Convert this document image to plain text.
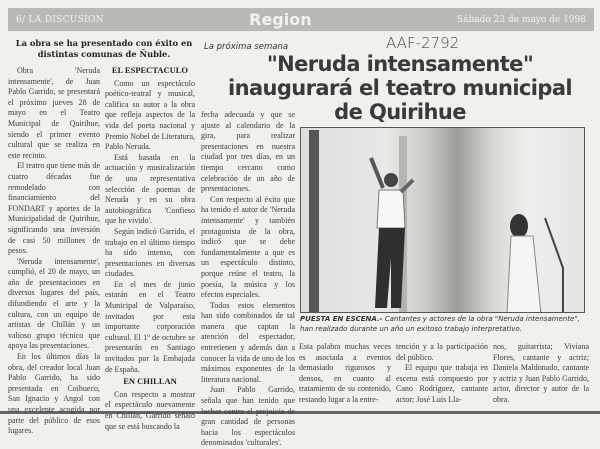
6/ LA DISCUSION	Region	Sábado 23 de mayo de 1998
La obra se ha presentado con éxito en distintas comunas de Ñuble.

Obra 'Neruda intensamente', de Juan Pablo Garrido, se presentará el próximo jueves 28 de mayo en el Teatro Municipal de Quirihue, siendo el primer evento cultural que se realiza en este recinto.

El teatro que tiene más de cuatro décadas fue remodelado con financiamiento del FONDART y aportes de la Municipalidad de Quirihue, significando una inversión de casi 50 millones de pesos.

'Neruda intensamente', cumplió, el 20 de mayo, un año de presentaciones en diversos lugares del país, difundiendo el arte y la cultura, con un equipo de artistas de Chillán y un valioso grupo técnico que apoya las presentaciones.

En los últimos días la obra, del creador local Juan Pablo Garrido, ha sido presentada en Coihueco, San Ignacio y Angol con una excelente acogida por parte del público de esos lugares.

EL ESPECTACULO

Como un espectáculo poético-teatral y musical, califica su autor a la obra que refleja aspectos de la vida del poeta nacional y Premio Nobel de Literatura, Pablo Neruda.

Está basada en la actuación y musicalización de una representativa selección de poemas de Neruda y en su obra autobiográfica 'Confieso que he vivido'.

Según indicó Garrido, el trabajo en el último tiempo ha sido intenso, con presentaciones en diversas ciudades.

En el mes de junio estarán en el Teatro Municipal de Valparaíso, invitados por esta importante corporación cultural. El 1º de octubre se presentarán en Santiago invitados por la Embajada de España.

EN CHILLAN

Con respecto a mostrar el espectáculo nuevamente en Chillán, Garrido señaló que se está buscando la

La próxima semana	AAF-2792
"Neruda intensamente" inaugurará el teatro municipal de Quirihue

fecha adecuada y que se ajuste al calendario de la gira, para realizar presentaciones en nuestra ciudad por tres días, en un tiempo cercano como celebración de un año de presentaciones.

Con respecto al éxito que ha tenido el autor de 'Neruda intensamente' y también protagonista de la obra, indicó que se debe fundamentalmente a que es un espectáculo distinto, porque reúne el teatro, la poesía, la música y los efectos especiales.

Todos estos elementos han sido combinados de tal manera que captan la atención del espectador, entretienen y además dan a conocer la vida de uno de los máximos exponentes de la literatura nacional.

Juan Pablo Garrido, señala que han tenido que luchar contra el prejuicio de gran cantidad de personas hacia los espectáculos denominados 'culturales'.

PUESTA EN ESCENA.- Cantantes y actores de la obra "Neruda intensamente", han realizado durante un año un exitoso trabajo interpretativo.

Esta palabra muchas veces es asociada a eventos demasiado rigurosos y densos, en cuanto al tratamiento de su contenido, restando lugar a la entre-

tención y a la participación del público.

El equipo que trabaja en escena está compuesto por Cano Rodríguez, cantante actor; José Luis Lla-

nos, guitarrista; Viviana Flores, cantante y actriz; Daniela Maldonado, cantante y actriz y Juan Pablo Garrido, actor, director y autor de la obra.
